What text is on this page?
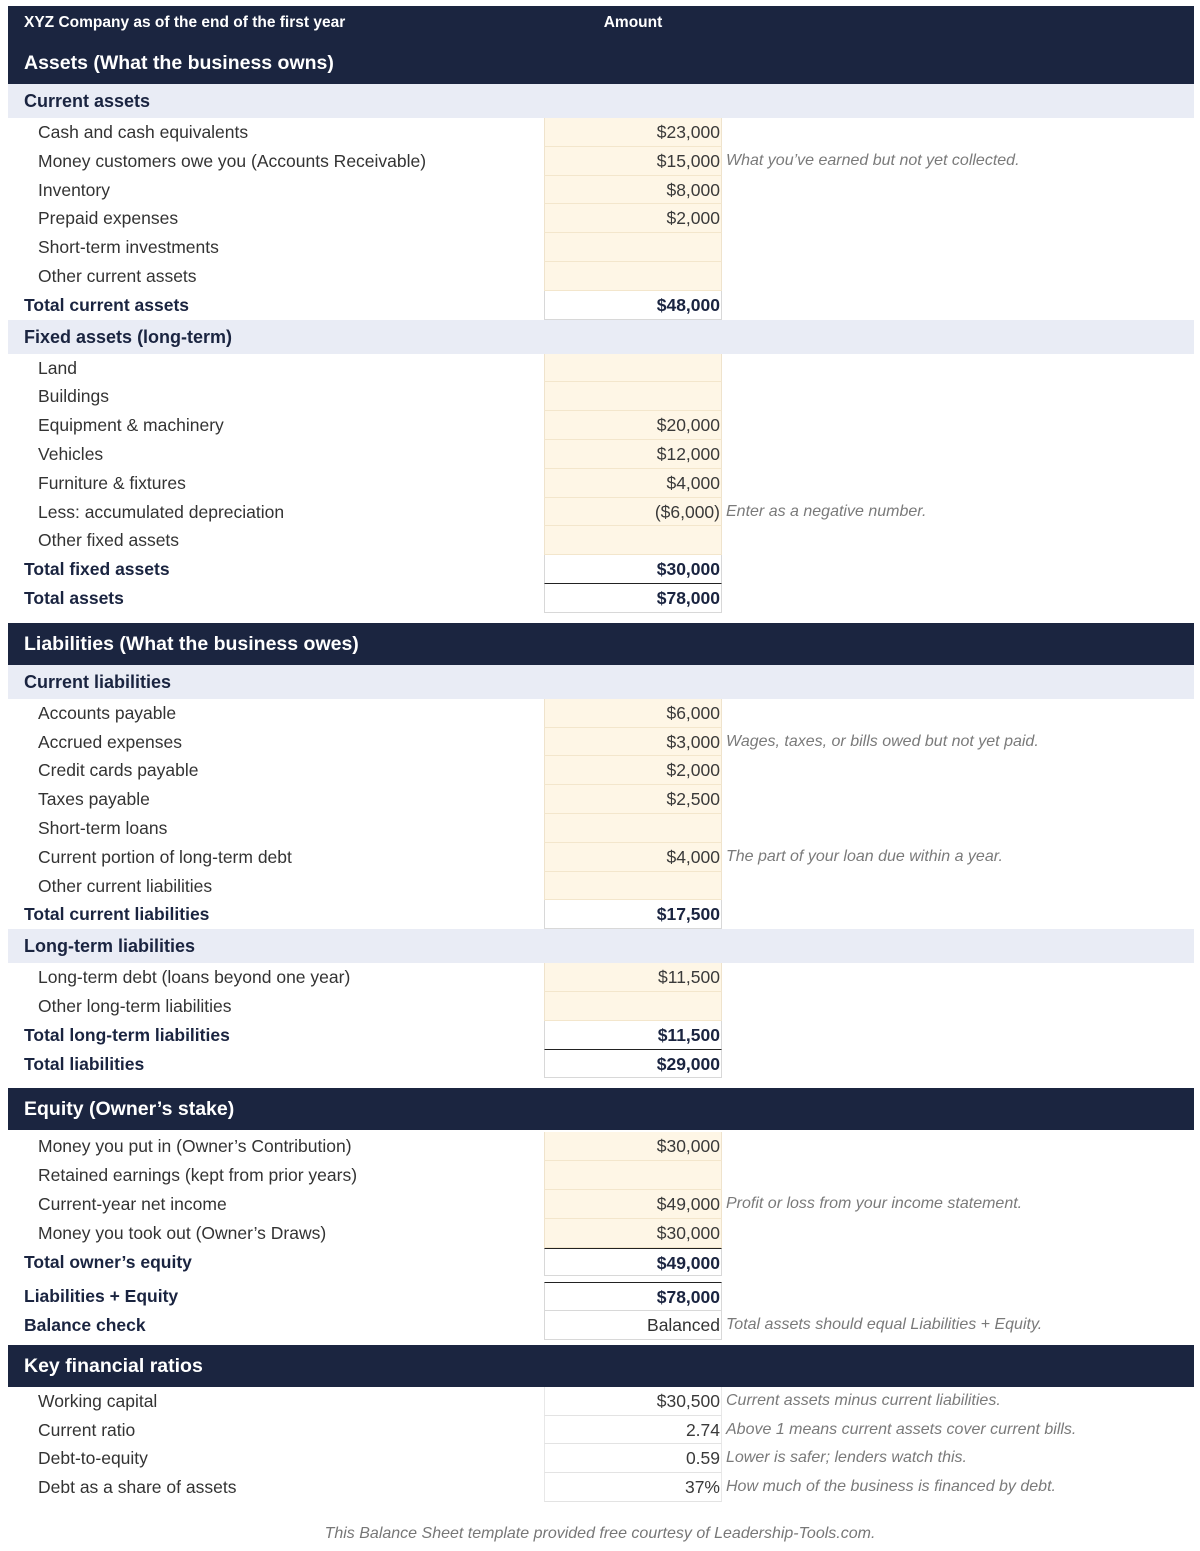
XYZ Company as of the end of the first year	Amount
Assets (What the business owns)
Current assets
Cash and cash equivalents	$23,000
Money customers owe you (Accounts Receivable)	$15,000 What you’ve earned but not yet collected.
Inventory	$8,000
Prepaid expenses	$2,000
Short-term investments
Other current assets
Total current assets	$48,000
Fixed assets (long-term)
Land
Buildings
Equipment & machinery	$20,000
Vehicles	$12,000
Furniture & fixtures	$4,000
Less: accumulated depreciation	($6,000) Enter as a negative number.
Other fixed assets
Total fixed assets	$30,000
Total assets	$78,000
Liabilities (What the business owes)
Current liabilities
Accounts payable	$6,000
Accrued expenses	$3,000 Wages, taxes, or bills owed but not yet paid.
Credit cards payable	$2,000
Taxes payable	$2,500
Short-term loans
Current portion of long-term debt	$4,000 The part of your loan due within a year.
Other current liabilities
Total current liabilities	$17,500
Long-term liabilities
Long-term debt (loans beyond one year)	$11,500
Other long-term liabilities
Total long-term liabilities	$11,500
Total liabilities	$29,000
Equity (Owner’s stake)
Money you put in (Owner’s Contribution)	$30,000
Retained earnings (kept from prior years)
Current-year net income	$49,000 Profit or loss from your income statement.
Money you took out (Owner’s Draws)	$30,000
Total owner’s equity	$49,000
Liabilities + Equity	$78,000
Balance check	Balanced Total assets should equal Liabilities + Equity.
Key financial ratios
Working capital	$30,500 Current assets minus current liabilities.
Current ratio	2.74 Above 1 means current assets cover current bills.
Debt-to-equity	0.59 Lower is safer; lenders watch this.
Debt as a share of assets	37% How much of the business is financed by debt.
This Balance Sheet template provided free courtesy of Leadership-Tools.com.
